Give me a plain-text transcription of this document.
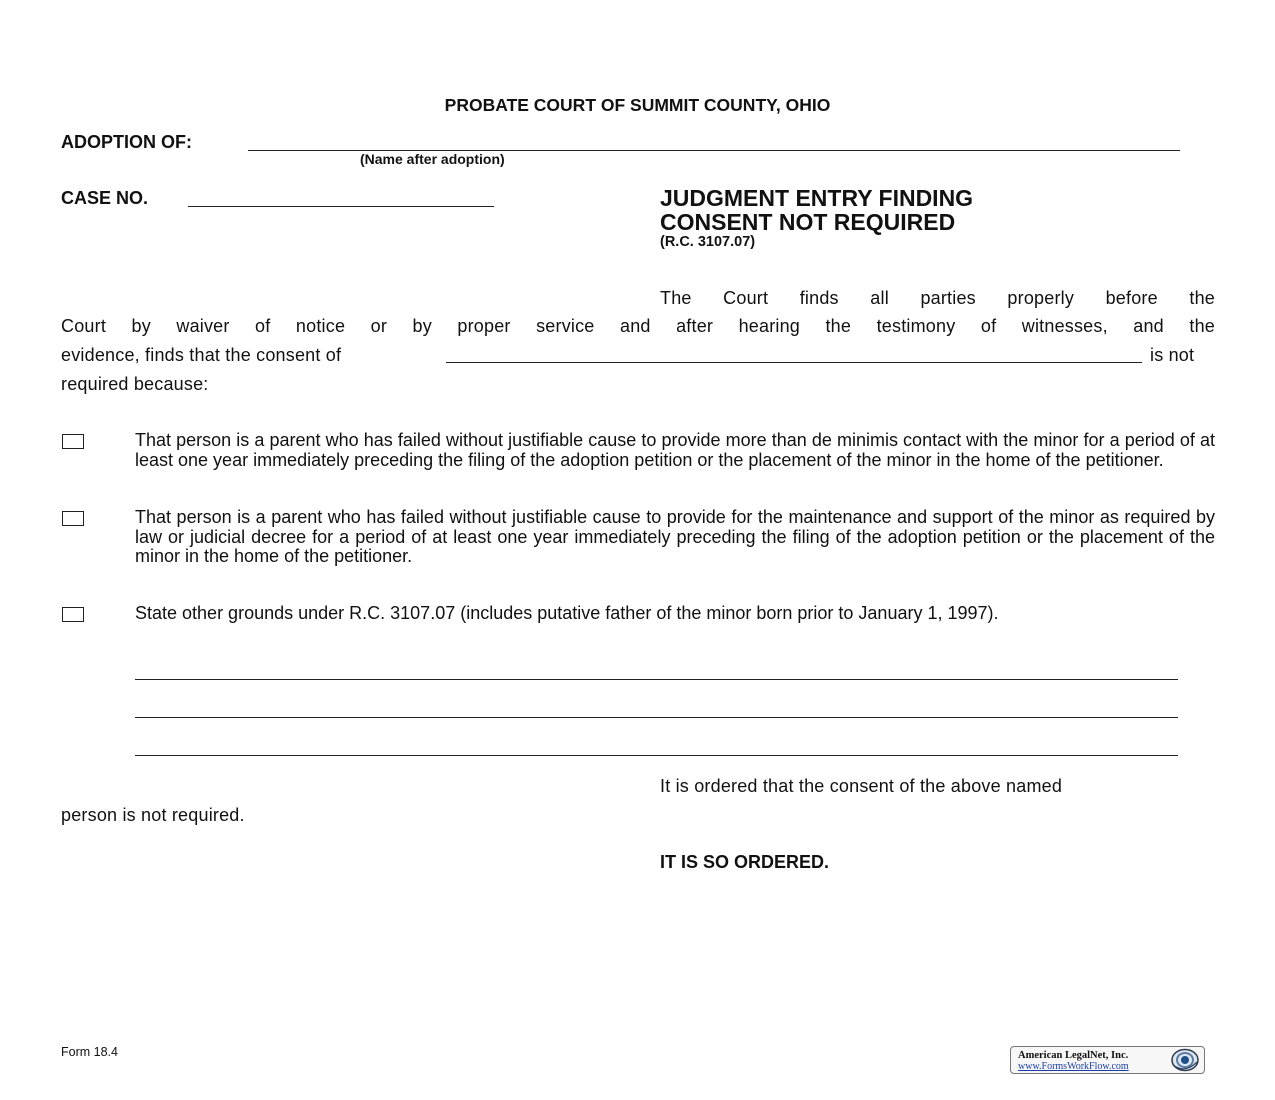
PROBATE COURT OF SUMMIT COUNTY, OHIO
ADOPTION OF:
(Name after adoption)
CASE NO.	JUDGMENT ENTRY FINDING
CONSENT NOT REQUIRED
(R.C. 3107.07)
The Court finds all parties properly before the
Court by waiver of notice or by proper service and after hearing the testimony of witnesses, and the
evidence, finds that the consent of	is not
required because:
That person is a parent who has failed without justifiable cause to provide more than de minimis contact with the minor for a period of at least one year immediately preceding the filing of the adoption petition or the placement of the minor in the home of the petitioner.
That person is a parent who has failed without justifiable cause to provide for the maintenance and support of the minor as required by law or judicial decree for a period of at least one year immediately preceding the filing of the adoption petition or the placement of the minor in the home of the petitioner.
State other grounds under R.C. 3107.07 (includes putative father of the minor born prior to January 1, 1997).
It is ordered that the consent of the above named
person is not required.
IT IS SO ORDERED.
Form 18.4	American LegalNet, Inc.
www.FormsWorkFlow.com
